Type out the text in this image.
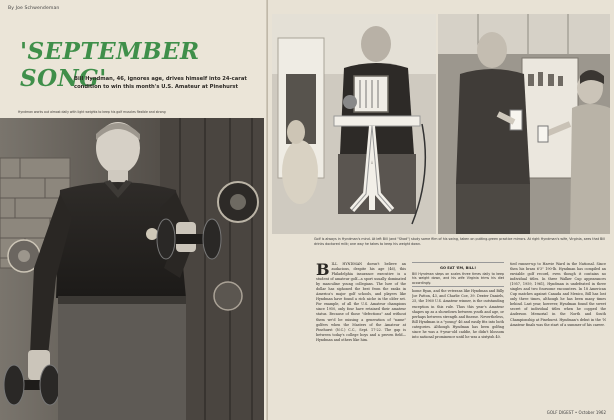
By Joe Schwendeman
'SEPTEMBER SONG'
Bill Hyndman, 46, ignores age, drives himself into 24-carat condition to win this month's U.S. Amateur at Pinehurst
Hyndman works out almost daily with light weights to keep his golf muscles flexible and strong
Golf is always in Hyndman's mind. At left Bill (and "Shad") study some film of his swing, taken on putting-green practice mirrors. At right Hyndman's wife, Virginia, sees that Bill drinks doctored milk; one way he takes to keep his weight down.

BILL HYNDMAN doesn't believe an audacious, despite his age (46), this Philadelphia insurance executive is a student of amateur golf—a sport usually dominated by masculine young collegians. The lure of the dollar has siphoned the best from the ranks in America's major golf schools, and players like Hyndman have found a rich niche in the older set. For example, of all the U.S. Amateur champions since 1950, only four have retained their amateur status. Because of those "defections" and without them we'd be missing a generation of "name" golfers when the Masters of the Amateur at Pinehurst (N.C.) C.C., Sept. 17-22. The gap is between today's college boys and a proven field—Hyndman and others like him.

GO EAT 'EM, BILL!
Bill Hyndman steps on scales three times daily to keep his weight down, and his wife Virginia trims his diet accordingly.

home Ryan, and the veterans like Hyndman and Billy Joe Patton, 43, and Charlie Coe, 39. Dexter Daniels, 25, the 1960 U.S. Amateur winner, is the outstanding exception in this rule. Thus this year's Amateur shapes up as a showdown between youth and age, or perhaps between strength and finesse. Nevertheless, Bill Hyndman is a "young" 46 and easily fits into both categories. Although Hyndman has been golfing since he was a 9-year-old caddie, he didn't blossom into national prominence until he was a sixtyish 40.

tied runner-up to Harvie Ward in the National. Since then his brass 6'3" 190-lb. Hyndman has compiled an enviable golf record, even though it contains no individual titles. In three Walker Cup appearances (1957, 1959, 1961), Hyndman is undefeated in three singles and two foursome encounters. In 18 American Cup matches against Canada and Mexico, Bill has lost only three times, although he has been many times behind. Last year, however, Hyndman found the sweet secret of individual titles when he copped the Anderson Memorial in the North and South Championship at Pinehurst. Hyndman's debut in the 'N Amateur finals was the start of a summer of his career.

GOLF DIGEST • October 1962
